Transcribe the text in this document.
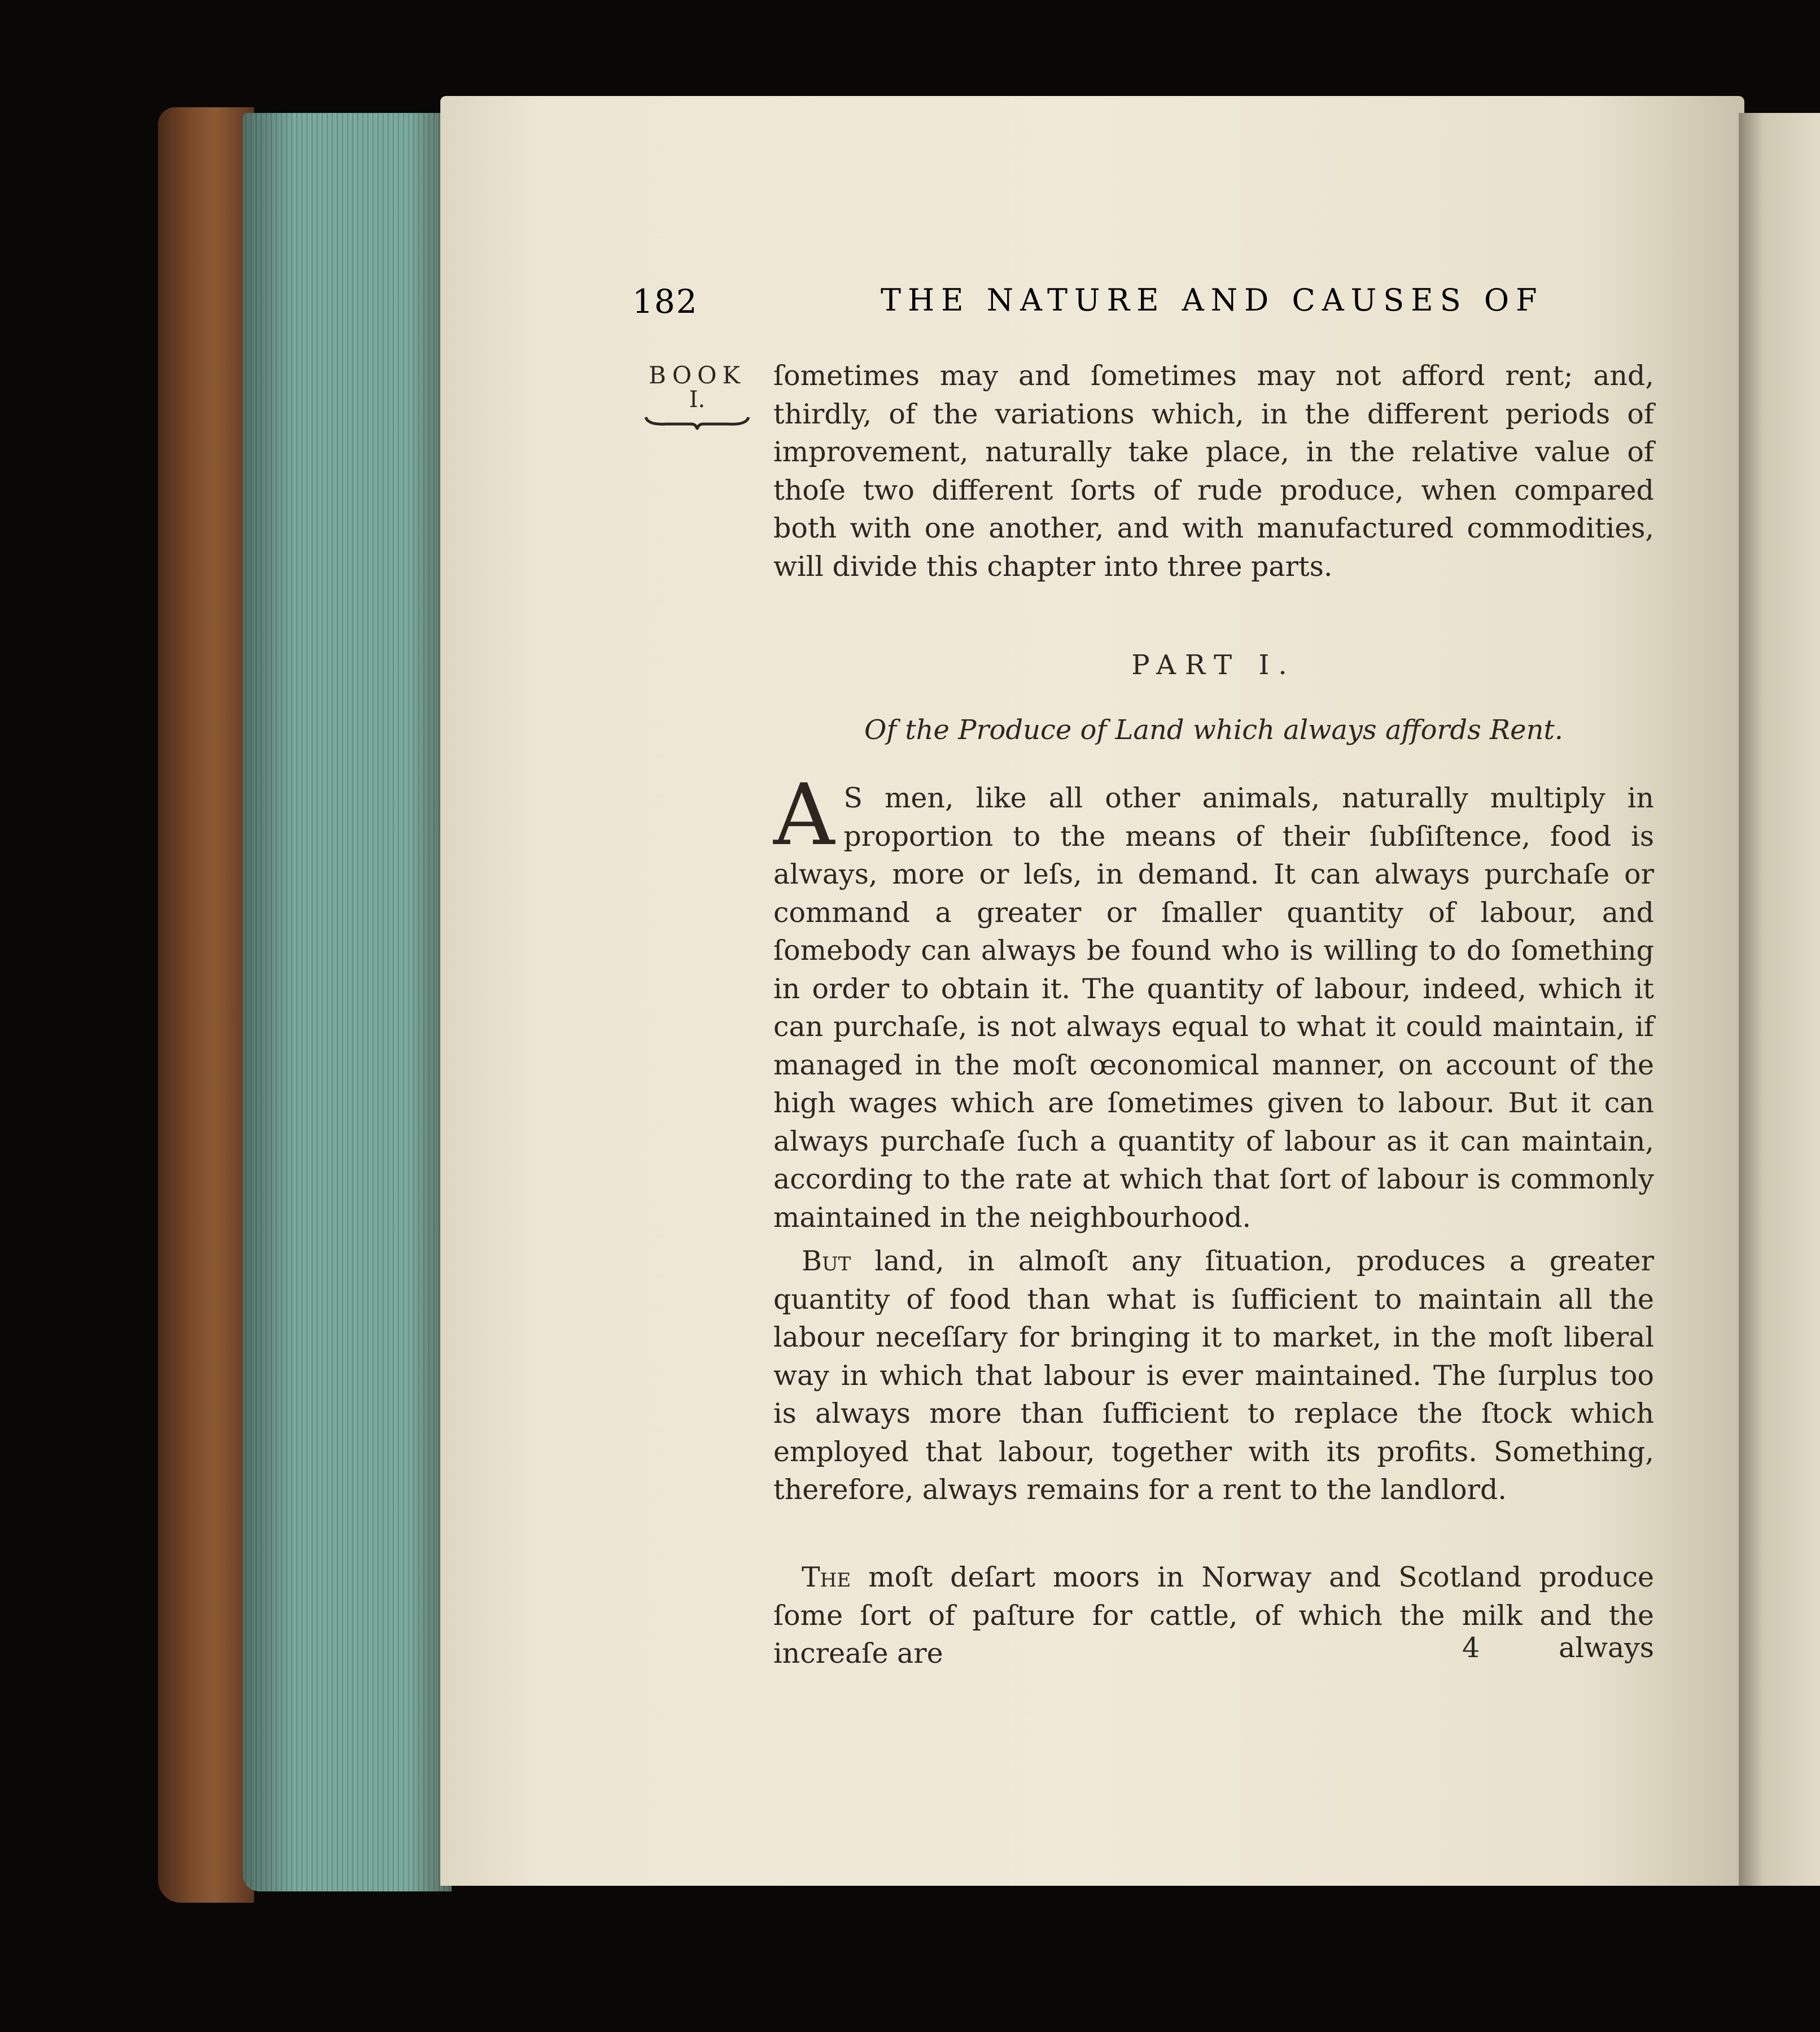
182	THE NATURE AND CAUSES OF
BOOK
I.
ſometimes may and ſometimes may not afford rent; and, thirdly, of the variations which, in the different periods of improvement, naturally take place, in the relative value of thoſe two different ſorts of rude produce, when compared both with one another, and with manufactured commodities, will divide this chapter into three parts.
PART I.
Of the Produce of Land which always affords Rent.
A S men, like all other animals, naturally multiply in proportion to the means of their ſubſiſtence, food is always, more or leſs, in demand. It can always purchaſe or command a greater or ſmaller quantity of labour, and ſomebody can always be found who is willing to do ſomething in order to obtain it. The quantity of labour, indeed, which it can purchaſe, is not always equal to what it could maintain, if managed in the moſt œconomical manner, on account of the high wages which are ſometimes given to labour. But it can always purchaſe ſuch a quantity of labour as it can maintain, according to the rate at which that ſort of labour is commonly maintained in the neighbourhood.
But land, in almoſt any ſituation, produces a greater quantity of food than what is ſufficient to maintain all the labour neceſſary for bringing it to market, in the moſt liberal way in which that labour is ever maintained. The ſurplus too is always more than ſufficient to replace the ſtock which employed that labour, together with its profits. Something, therefore, always remains for a rent to the landlord.
The moſt deſart moors in Norway and Scotland produce ſome ſort of paſture for cattle, of which the milk and the increaſe are	4	always
